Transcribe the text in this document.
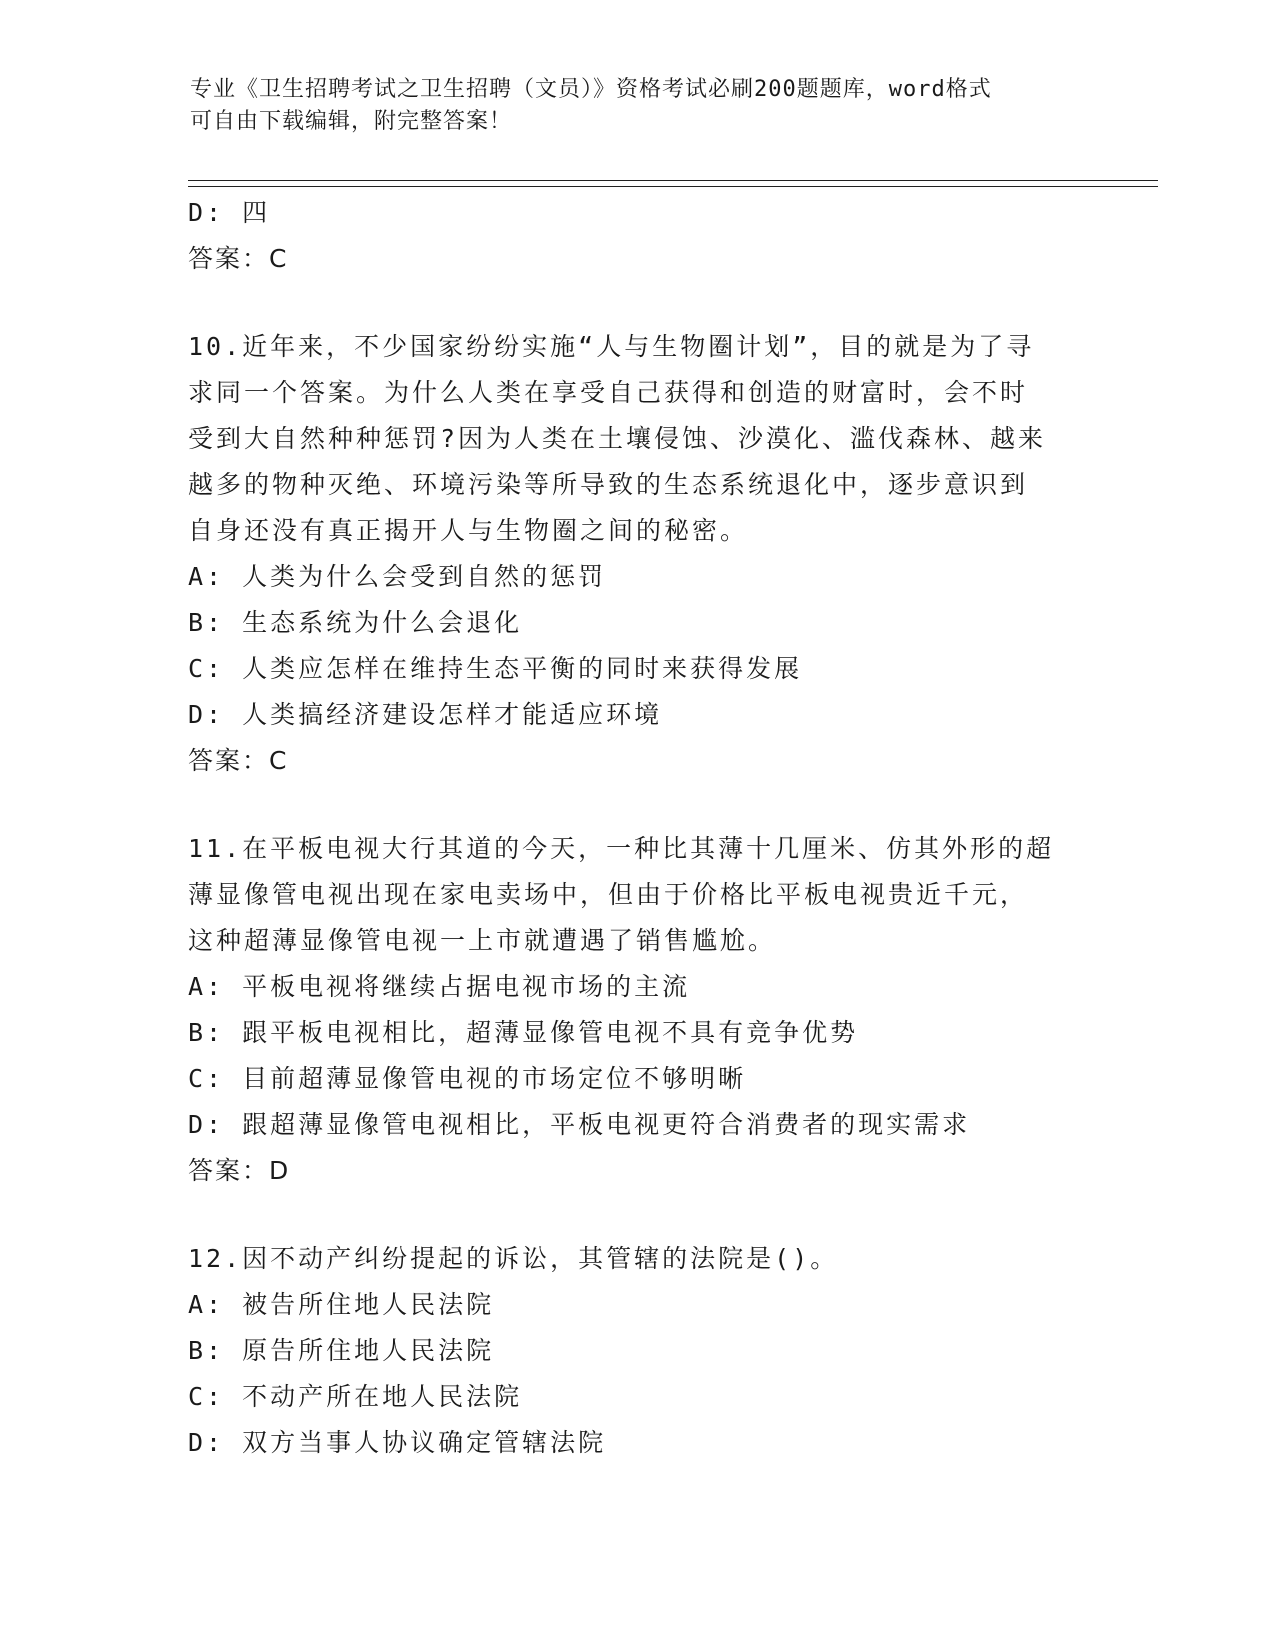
专业《卫生招聘考试之卫生招聘（文员）》资格考试必刷200题题库，word格式
可自由下载编辑，附完整答案！
D: 四
答案：C
10.近年来，不少国家纷纷实施“人与生物圈计划”，目的就是为了寻
求同一个答案。为什么人类在享受自己获得和创造的财富时，会不时
受到大自然种种惩罚?因为人类在土壤侵蚀、沙漠化、滥伐森林、越来
越多的物种灭绝、环境污染等所导致的生态系统退化中，逐步意识到
自身还没有真正揭开人与生物圈之间的秘密。
A: 人类为什么会受到自然的惩罚
B: 生态系统为什么会退化
C: 人类应怎样在维持生态平衡的同时来获得发展
D: 人类搞经济建设怎样才能适应环境
答案：C
11.在平板电视大行其道的今天，一种比其薄十几厘米、仿其外形的超
薄显像管电视出现在家电卖场中，但由于价格比平板电视贵近千元，
这种超薄显像管电视一上市就遭遇了销售尴尬。
A: 平板电视将继续占据电视市场的主流
B: 跟平板电视相比，超薄显像管电视不具有竞争优势
C: 目前超薄显像管电视的市场定位不够明晰
D: 跟超薄显像管电视相比，平板电视更符合消费者的现实需求
答案：D
12.因不动产纠纷提起的诉讼，其管辖的法院是()。
A: 被告所住地人民法院
B: 原告所住地人民法院
C: 不动产所在地人民法院
D: 双方当事人协议确定管辖法院
